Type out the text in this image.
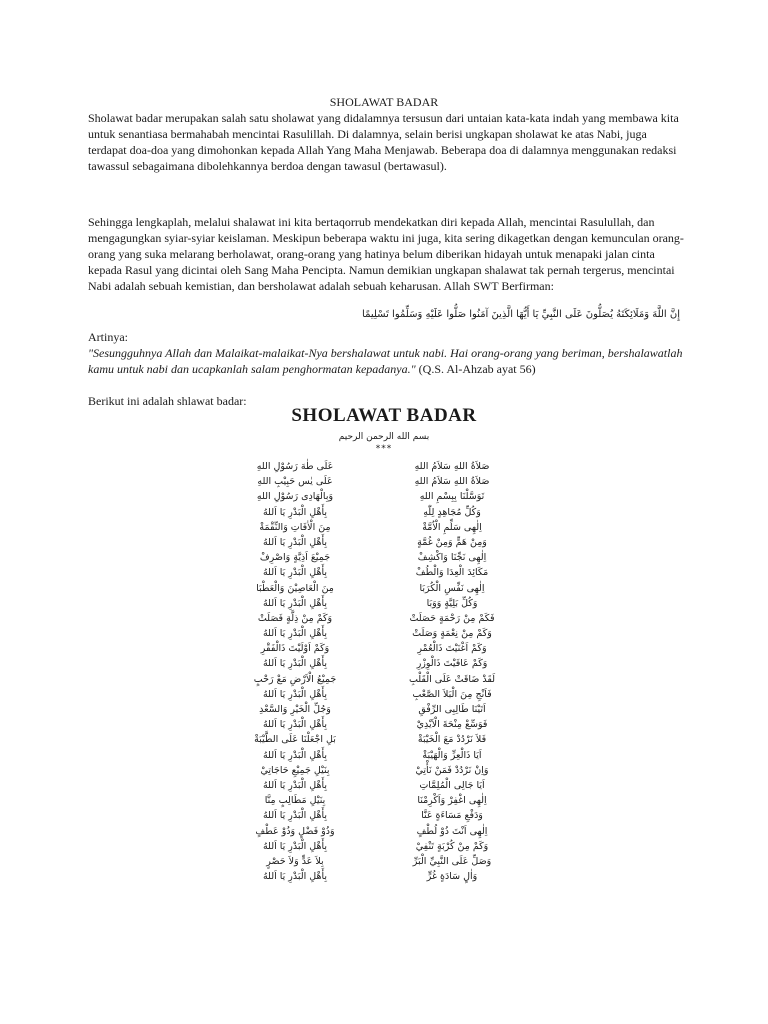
SHOLAWAT BADAR

Sholawat badar merupakan salah satu sholawat yang didalamnya tersusun dari untaian kata-kata indah yang membawa kita untuk senantiasa bermahabah mencintai Rasulillah. Di dalamnya, selain berisi ungkapan sholawat ke atas Nabi, juga terdapat doa-doa yang dimohonkan kepada Allah Yang Maha Menjawab. Beberapa doa di dalamnya menggunakan redaksi tawassul sebagaimana dibolehkannya berdoa dengan tawasul (bertawasul).

Sehingga lengkaplah, melalui shalawat ini kita bertaqorrub mendekatkan diri kepada Allah, mencintai Rasulullah, dan mengagungkan syiar-syiar keislaman. Meskipun beberapa waktu ini juga, kita sering dikagetkan dengan kemunculan orang-orang yang suka melarang berholawat, orang-orang yang hatinya belum diberikan hidayah untuk menapaki jalan cinta kepada Rasul yang dicintai oleh Sang Maha Pencipta. Namun demikian ungkapan shalawat tak pernah tergerus, mencintai Nabi adalah sebuah kemistian, dan bersholawat adalah sebuah keharusan. Allah SWT Berfirman:

إِنَّ اللَّهَ وَمَلَائِكَتَهُ يُصَلُّونَ عَلَى النَّبِيِّ يَا أَيُّهَا الَّذِينَ آمَنُوا صَلُّوا عَلَيْهِ وَسَلِّمُوا تَسْلِيمًا
Artinya:
"Sesungguhnya Allah dan Malaikat-malaikat-Nya bershalawat untuk nabi. Hai orang-orang yang beriman, bershalawatlah kamu untuk nabi dan ucapkanlah salam penghormatan kepadanya." (Q.S. Al-Ahzab ayat 56)
Berikut ini adalah shlawat badar:
SHOLAWAT BADAR
بسم الله الرحمن الرحيم
***
صَلاَةُ اللهِ سَلاَمُ اللهِ
عَلَى طٰهَ رَسُوْلِ اللهِ
صَلاَةُ اللهِ سَلاَمُ اللهِ
عَلَى يٰس حَبِيْبِ اللهِ
تَوَسَّلْنَا بِبِسْمِ اللهِ
وَبِالْهَادِى رَسُوْلِ اللهِ
وَكُلِّ مُجَاهِدٍ لِلّٰهِ
بِأَهْلِ الْبَدْرِ يَا اَللهُ
اِلٰهِى سَلِّمِ الْاُمَّةْ
مِنَ الْاٰفَاتِ وَالنِّقْمَةْ
وَمِنْ هَمٍّ وَمِنْ غُمَّةٍ
بِأَهْلِ الْبَدْرِ يَا اَللهُ
اِلٰهِى نَجِّنَا وَاكْشِفْ
جَمِيْعَ اَذِيَّةٍ وَاصْرِفْ
مَكَائِدَ الْعِدَا وَالْطُفْ
بِأَهْلِ الْبَدْرِ يَا اَللهُ
اِلٰهِى نَفِّسِ الْكُرَبَا
مِنَ الْعَاصِيْنَ وَالْعَطْبَا
وَكُلِّ بَلِيَّةٍ وَوَبَا
بِأَهْلِ الْبَدْرِ يَا اَللهُ
فَكَمْ مِنْ رَحْمَةٍ حَصَلَتْ
وَكَمْ مِنْ ذِلَّةٍ فَصَلَتْ
وَكَمْ مِنْ نِعْمَةٍ وَصَلَتْ
بِأَهْلِ الْبَدْرِ يَا اَللهُ
وَكَمْ اَغْنَيْتَ ذَالْعُمْرِ
وَكَمْ اَوْلَيْتَ ذَالْفَقْرِ
وَكَمْ عَافَيْتَ ذَالْوِزْرِ
بِأَهْلِ الْبَدْرِ يَا اَللهُ
لَقَدْ ضَاقَتْ عَلَى الْقَلْبِ
جَمِيْعُ الْاَرْضِ مَعْ رَحْبٍ
فَاَنْجِ مِنَ الْبَلاَ الصَّعْبِ
بِأَهْلِ الْبَدْرِ يَا اَللهُ
اَتَيْنَا طَالِبِى الرِّفْقِ
وَجُلِّ الْخَيْرِ وَالسَّعْدِ
فَوَسِّعْ مِنْحَةَ الْاَيْدِيْ
بِأَهْلِ الْبَدْرِ يَا اَللهُ
فَلاَ نَرْدُدْ مَعَ الْخَيْبَةْ
بَلِ اجْعَلْنَا عَلَى الطَّيْبَةْ
اَيَا ذَالْعِزِّ وَالْهَيْبَةْ
بِأَهْلِ الْبَدْرِ يَا اَللهُ
وَاِنْ نَرْدُدْ فَمَنْ نَأْتِيْ
بِنَيْلِ جَمِيْعِ حَاجَاتِيْ
اَيَا جَالِى الْمُلِمَّاتِ
بِأَهْلِ الْبَدْرِ يَا اَللهُ
اِلٰهِى اغْفِرْ وَاَكْرِمْنَا
بِنَيْلِ مَطَالِبٍ مِنَّا
وَدَفْعِ مَسَاءَةٍ عَنَّا
بِأَهْلِ الْبَدْرِ يَا اَللهُ
اِلٰهِى اَنْتَ ذُوْ لُطْفٍ
وَذُوْ فَضْلٍ وَذُوْ عَطْفٍ
وَكَمْ مِنْ كُرْبَةٍ تَنْفِيْ
بِأَهْلِ الْبَدْرِ يَا اَللهُ
وَصَلِّ عَلَى النَّبِيِّ الْبَرِّ
بِلاَ عَدٍّ وَلاَ حَصْرٍ
وَاٰلٍ سَادَةٍ غُرٍّ
بِأَهْلِ الْبَدْرِ يَا اَللهُ
